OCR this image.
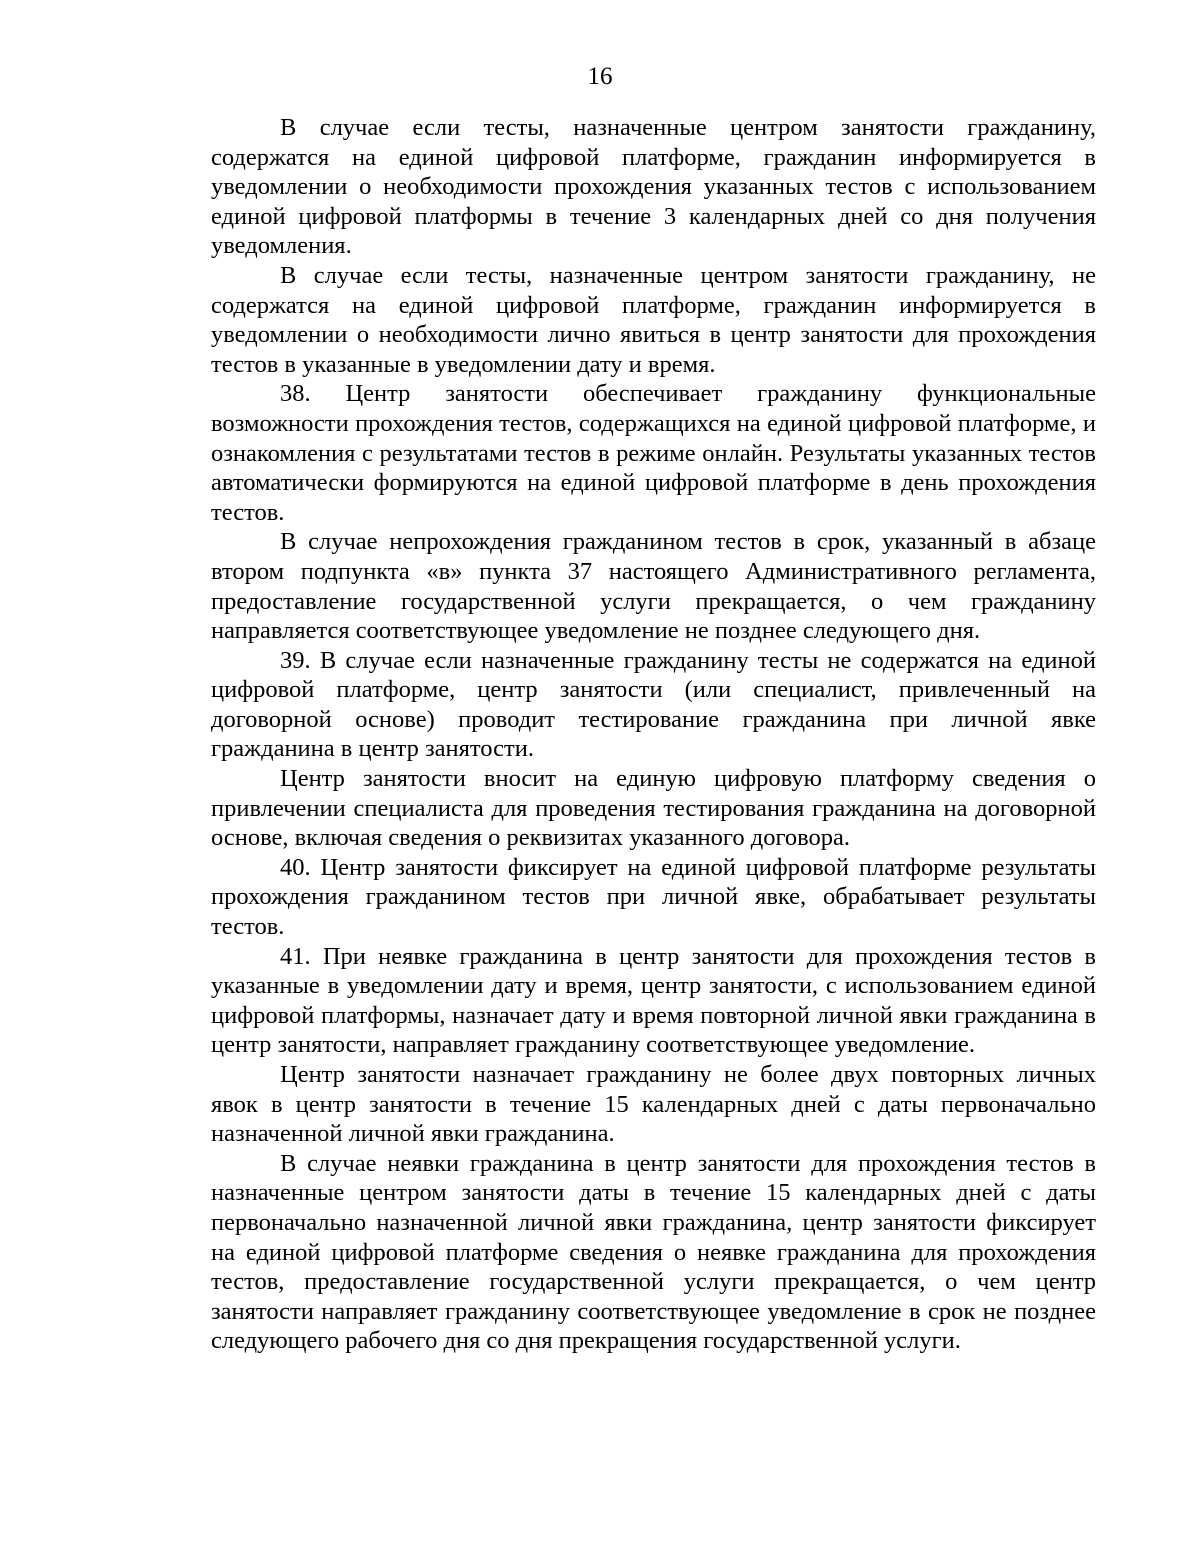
16

В случае если тесты, назначенные центром занятости гражданину, содержатся на единой цифровой платформе, гражданин информируется в уведомлении о необходимости прохождения указанных тестов с использованием единой цифровой платформы в течение 3 календарных дней со дня получения уведомления.

В случае если тесты, назначенные центром занятости гражданину, не содержатся на единой цифровой платформе, гражданин информируется в уведомлении о необходимости лично явиться в центр занятости для прохождения тестов в указанные в уведомлении дату и время.

38. Центр занятости обеспечивает гражданину функциональные возможности прохождения тестов, содержащихся на единой цифровой платформе, и ознакомления с результатами тестов в режиме онлайн. Результаты указанных тестов автоматически формируются на единой цифровой платформе в день прохождения тестов.

В случае непрохождения гражданином тестов в срок, указанный в абзаце втором подпункта «в» пункта 37 настоящего Административного регламента, предоставление государственной услуги прекращается, о чем гражданину направляется соответствующее уведомление не позднее следующего дня.

39. В случае если назначенные гражданину тесты не содержатся на единой цифровой платформе, центр занятости (или специалист, привлеченный на договорной основе) проводит тестирование гражданина при личной явке гражданина в центр занятости.

Центр занятости вносит на единую цифровую платформу сведения о привлечении специалиста для проведения тестирования гражданина на договорной основе, включая сведения о реквизитах указанного договора.

40. Центр занятости фиксирует на единой цифровой платформе результаты прохождения гражданином тестов при личной явке, обрабатывает результаты тестов.

41. При неявке гражданина в центр занятости для прохождения тестов в указанные в уведомлении дату и время, центр занятости, с использованием единой цифровой платформы, назначает дату и время повторной личной явки гражданина в центр занятости, направляет гражданину соответствующее уведомление.

Центр занятости назначает гражданину не более двух повторных личных явок в центр занятости в течение 15 календарных дней с даты первоначально назначенной личной явки гражданина.

В случае неявки гражданина в центр занятости для прохождения тестов в назначенные центром занятости даты в течение 15 календарных дней с даты первоначально назначенной личной явки гражданина, центр занятости фиксирует на единой цифровой платформе сведения о неявке гражданина для прохождения тестов, предоставление государственной услуги прекращается, о чем центр занятости направляет гражданину соответствующее уведомление в срок не позднее следующего рабочего дня со дня прекращения государственной услуги.
